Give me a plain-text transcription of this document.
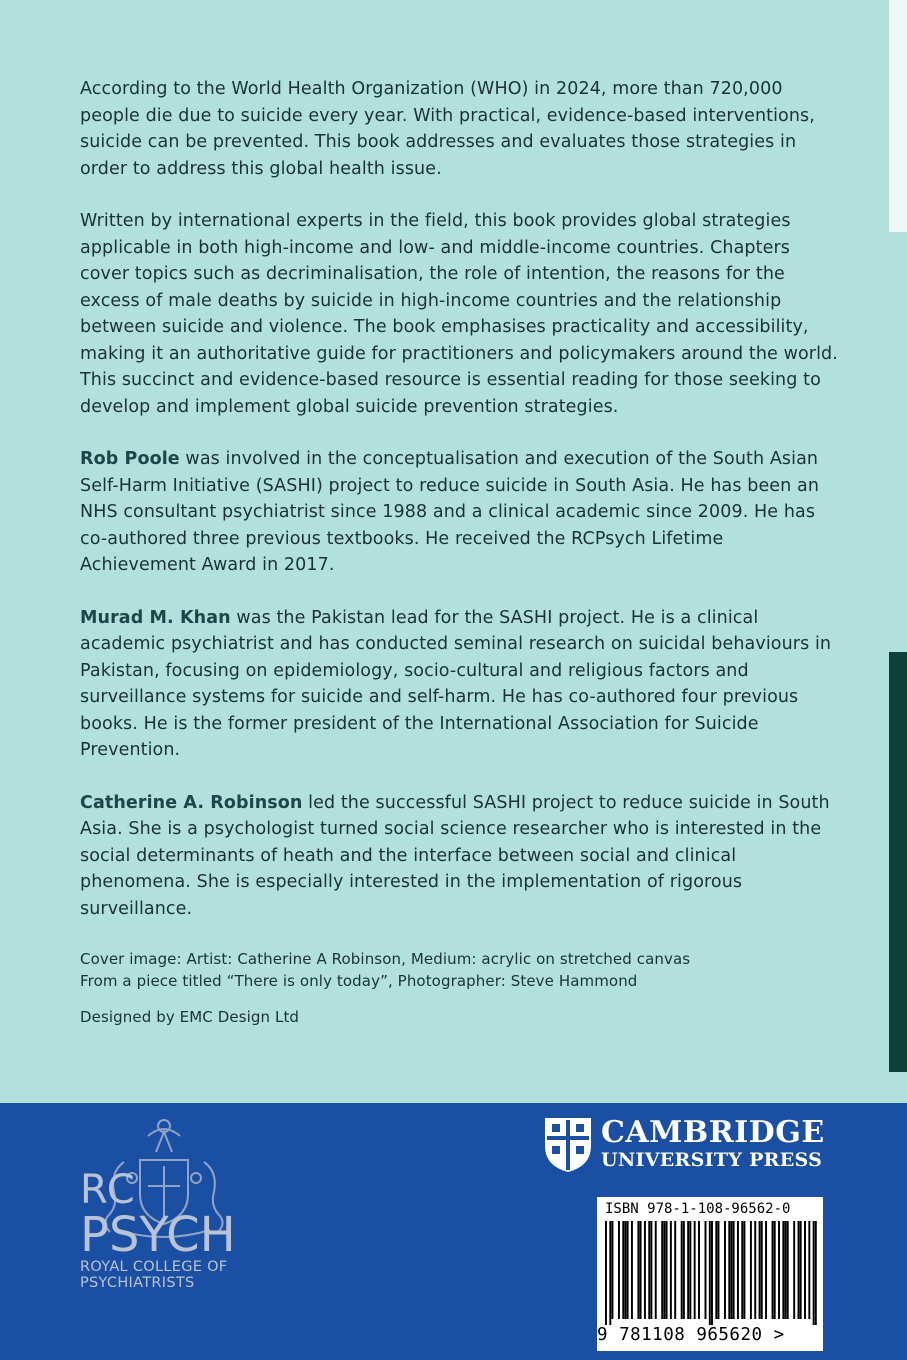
According to the World Health Organization (WHO) in 2024, more than 720,000 people die due to suicide every year. With practical, evidence-based interventions, suicide can be prevented. This book addresses and evaluates those strategies in order to address this global health issue.

Written by international experts in the field, this book provides global strategies applicable in both high-income and low- and middle-income countries. Chapters cover topics such as decriminalisation, the role of intention, the reasons for the excess of male deaths by suicide in high-income countries and the relationship between suicide and violence. The book emphasises practicality and accessibility, making it an authoritative guide for practitioners and policymakers around the world. This succinct and evidence-based resource is essential reading for those seeking to develop and implement global suicide prevention strategies.

Rob Poole was involved in the conceptualisation and execution of the South Asian Self-Harm Initiative (SASHI) project to reduce suicide in South Asia. He has been an NHS consultant psychiatrist since 1988 and a clinical academic since 2009. He has co-authored three previous textbooks. He received the RCPsych Lifetime Achievement Award in 2017.

Murad M. Khan was the Pakistan lead for the SASHI project. He is a clinical academic psychiatrist and has conducted seminal research on suicidal behaviours in Pakistan, focusing on epidemiology, socio-cultural and religious factors and surveillance systems for suicide and self-harm. He has co-authored four previous books. He is the former president of the International Association for Suicide Prevention.

Catherine A. Robinson led the successful SASHI project to reduce suicide in South Asia. She is a psychologist turned social science researcher who is interested in the social determinants of heath and the interface between social and clinical phenomena. She is especially interested in the implementation of rigorous surveillance.

Cover image: Artist: Catherine A Robinson, Medium: acrylic on stretched canvas

From a piece titled “There is only today”, Photographer: Steve Hammond

Designed by EMC Design Ltd

RC
PSYCH
ROYAL COLLEGE OF
PSYCHIATRISTS
CAMBRIDGE
UNIVERSITY PRESS
ISBN 978-1-108-96562-0
9 781108 965620 >
